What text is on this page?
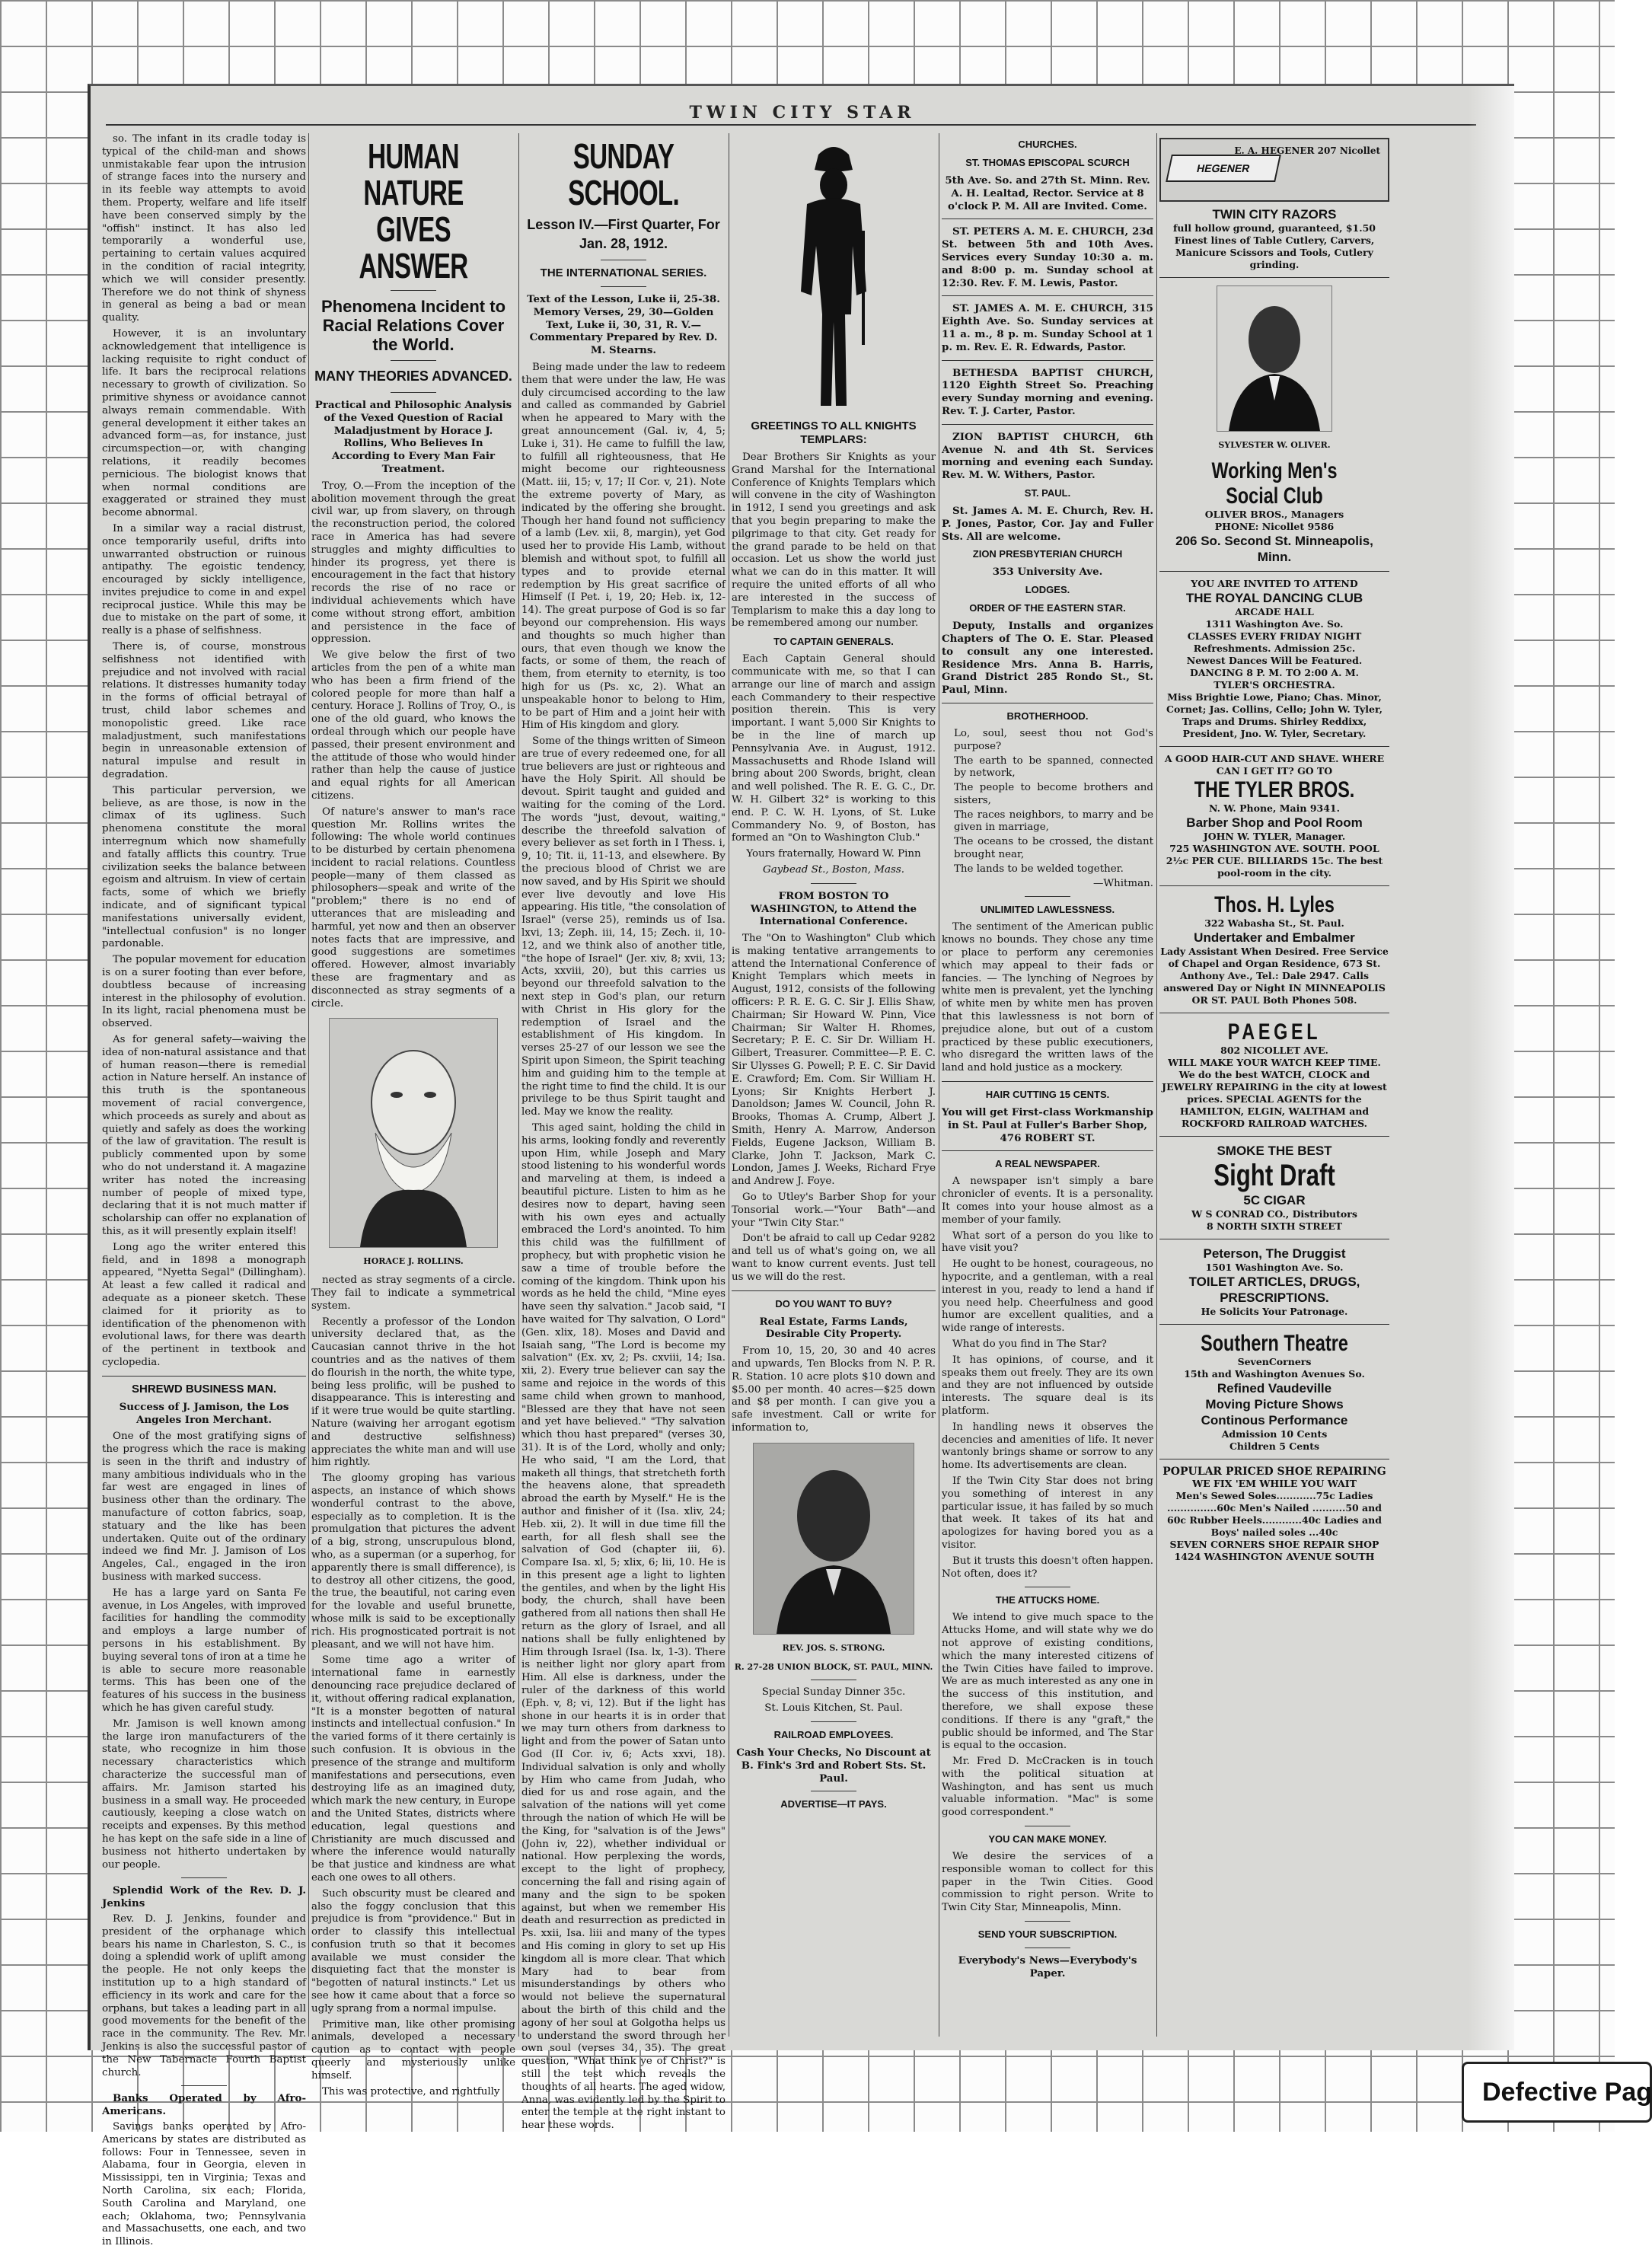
TWIN CITY STAR

so. The infant in its cradle today is typical of the child-man and shows unmistakable fear upon the intrusion of strange faces into the nursery and in its feeble way attempts to avoid them. Property, welfare and life itself have been conserved simply by the "offish" instinct. It has also led temporarily a wonderful use, pertaining to certain values acquired in the condition of racial integrity, which we will consider presently. Therefore we do not think of shyness in general as being a bad or mean quality.

However, it is an involuntary acknowledgement that intelligence is lacking requisite to right conduct of life. It bars the reciprocal relations necessary to growth of civilization. So primitive shyness or avoidance cannot always remain commendable. With general development it either takes an advanced form—as, for instance, just circumspection—or, with changing relations, it readily becomes pernicious. The biologist knows that when normal conditions are exaggerated or strained they must become abnormal.

In a similar way a racial distrust, once temporarily useful, drifts into unwarranted obstruction or ruinous antipathy. The egoistic tendency, encouraged by sickly intelligence, invites prejudice to come in and expel reciprocal justice. While this may be due to mistake on the part of some, it really is a phase of selfishness.

There is, of course, monstrous selfishness not identified with prejudice and not involved with racial relations. It distresses humanity today in the forms of official betrayal of trust, child labor schemes and monopolistic greed. Like race maladjustment, such manifestations begin in unreasonable extension of natural impulse and result in degradation.

This particular perversion, we believe, as are those, is now in the climax of its ugliness. Such phenomena constitute the moral interregnum which now shamefully and fatally afflicts this country. True civilization seeks the balance between egoism and altruism. In view of certain facts, some of which we briefly indicate, and of significant typical manifestations universally evident, "intellectual confusion" is no longer pardonable.

The popular movement for education is on a surer footing than ever before, doubtless because of increasing interest in the philosophy of evolution. In its light, racial phenomena must be observed.

As for general safety—waiving the idea of non-natural assistance and that of human reason—there is remedial action in Nature herself. An instance of this truth is the spontaneous movement of racial convergence, which proceeds as surely and about as quietly and safely as does the working of the law of gravitation. The result is publicly commented upon by some who do not understand it. A magazine writer has noted the increasing number of people of mixed type, declaring that it is not much matter if scholarship can offer no explanation of this, as it will presently explain itself!

Long ago the writer entered this field, and in 1898 a monograph appeared, "Nyetta Segal" (Dillingham). At least a few called it radical and adequate as a pioneer sketch. These claimed for it priority as to identification of the phenomenon with evolutional laws, for there was dearth of the pertinent in textbook and cyclopedia.

SHREWD BUSINESS MAN.
Success of J. Jamison, the Los Angeles Iron Merchant.

One of the most gratifying signs of the progress which the race is making is seen in the thrift and industry of many ambitious individuals who in the far west are engaged in lines of business other than the ordinary. The manufacture of cotton fabrics, soap, statuary and the like has been undertaken. Quite out of the ordinary indeed we find Mr. J. Jamison of Los Angeles, Cal., engaged in the iron business with marked success.

He has a large yard on Santa Fe avenue, in Los Angeles, with improved facilities for handling the commodity and employs a large number of persons in his establishment. By buying several tons of iron at a time he is able to secure more reasonable terms. This has been one of the features of his success in the business which he has given careful study.

Mr. Jamison is well known among the large iron manufacturers of the state, who recognize in him those necessary characteristics which characterize the successful man of affairs. Mr. Jamison started his business in a small way. He proceeded cautiously, keeping a close watch on receipts and expenses. By this method he has kept on the safe side in a line of business not hitherto undertaken by our people.

Splendid Work of the Rev. D. J. Jenkins

Rev. D. J. Jenkins, founder and president of the orphanage which bears his name in Charleston, S. C., is doing a splendid work of uplift among the people. He not only keeps the institution up to a high standard of efficiency in its work and care for the orphans, but takes a leading part in all good movements for the benefit of the race in the community. The Rev. Mr. Jenkins is also the successful pastor of the New Tabernacle Fourth Baptist church.

Banks Operated by Afro-Americans.

Savings banks operated by Afro-Americans by states are distributed as follows: Four in Tennessee, seven in Alabama, four in Georgia, eleven in Mississippi, ten in Virginia; Texas and North Carolina, six each; Florida, South Carolina and Maryland, one each; Oklahoma, two; Pennsylvania and Massachusetts, one each, and two in Illinois.

HUMAN NATURE GIVES ANSWER
Phenomena Incident to Racial Relations Cover the World.
MANY THEORIES ADVANCED.
Practical and Philosophic Analysis of the Vexed Question of Racial Maladjustment by Horace J. Rollins, Who Believes In According to Every Man Fair Treatment.

Troy, O.—From the inception of the abolition movement through the great civil war, up from slavery, on through the reconstruction period, the colored race in America has had severe struggles and mighty difficulties to hinder its progress, yet there is encouragement in the fact that history records the rise of no race or individual achievements which have come without strong effort, ambition and persistence in the face of oppression.

We give below the first of two articles from the pen of a white man who has been a firm friend of the colored people for more than half a century. Horace J. Rollins of Troy, O., is one of the old guard, who knows the ordeal through which our people have passed, their present environment and the attitude of those who would hinder rather than help the cause of justice and equal rights for all American citizens.

Of nature's answer to man's race question Mr. Rollins writes the following: The whole world continues to be disturbed by certain phenomena incident to racial relations. Countless people—many of them classed as philosophers—speak and write of the "problem;" there is no end of utterances that are misleading and harmful, yet now and then an observer notes facts that are impressive, and good suggestions are sometimes offered. However, almost invariably these are fragmentary and as disconnected as stray segments of a circle.

HORACE J. ROLLINS.

nected as stray segments of a circle. They fail to indicate a symmetrical system.

Recently a professor of the London university declared that, as the Caucasian cannot thrive in the hot countries and as the natives of them do flourish in the north, the white type, being less prolific, will be pushed to disappearance. This is interesting and if it were true would be quite startling. Nature (waiving her arrogant egotism and destructive selfishness) appreciates the white man and will use him rightly.

The gloomy groping has various aspects, an instance of which shows wonderful contrast to the above, especially as to completion. It is the promulgation that pictures the advent of a big, strong, unscrupulous blond, who, as a superman (or a superhog, for apparently there is small difference), is to destroy all other citizens, the good, the true, the beautiful, not caring even for the lovable and useful brunette, whose milk is said to be exceptionally rich. His prognosticated portrait is not pleasant, and we will not have him.

Some time ago a writer of international fame in earnestly denouncing race prejudice declared of it, without offering radical explanation, "It is a monster begotten of natural instincts and intellectual confusion." In the varied forms of it there certainly is such confusion. It is obvious in the presence of the strange and multiform manifestations and persecutions, even destroying life as an imagined duty, which mark the new century, in Europe and the United States, districts where education, legal questions and Christianity are much discussed and where the inference would naturally be that justice and kindness are what each one owes to all others.

Such obscurity must be cleared and also the foggy conclusion that this prejudice is from "providence." But in order to classify this intellectual confusion truth so that it becomes available we must consider the disquieting fact that the monster is "begotten of natural instincts." Let us see how it came about that a force so ugly sprang from a normal impulse.

Primitive man, like other promising animals, developed a necessary caution as to contact with people queerly and mysteriously unlike himself.

This was protective, and rightfully

SUNDAY SCHOOL.
Lesson IV.—First Quarter, For Jan. 28, 1912.
THE INTERNATIONAL SERIES.
Text of the Lesson, Luke ii, 25-38. Memory Verses, 29, 30—Golden Text, Luke ii, 30, 31, R. V.—Commentary Prepared by Rev. D. M. Stearns.

Being made under the law to redeem them that were under the law, He was duly circumcised according to the law and called as commanded by Gabriel when he appeared to Mary with the great announcement (Gal. iv, 4, 5; Luke i, 31). He came to fulfill the law, to fulfill all righteousness, that He might become our righteousness (Matt. iii, 15; v, 17; II Cor. v, 21). Note the extreme poverty of Mary, as indicated by the offering she brought. Though her hand found not sufficiency of a lamb (Lev. xii, 8, margin), yet God used her to provide His Lamb, without blemish and without spot, to fulfill all types and to provide eternal redemption by His great sacrifice of Himself (I Pet. i, 19, 20; Heb. ix, 12-14). The great purpose of God is so far beyond our comprehension. His ways and thoughts so much higher than ours, that even though we know the facts, or some of them, the reach of them, from eternity to eternity, is too high for us (Ps. xc, 2). What an unspeakable honor to belong to Him, to be part of Him and a joint heir with Him of His kingdom and glory.

Some of the things written of Simeon are true of every redeemed one, for all true believers are just or righteous and have the Holy Spirit. All should be devout. Spirit taught and guided and waiting for the coming of the Lord. The words "just, devout, waiting," describe the threefold salvation of every believer as set forth in I Thess. i, 9, 10; Tit. ii, 11-13, and elsewhere. By the precious blood of Christ we are now saved, and by His Spirit we should ever live devoutly and love His appearing. His title, "the consolation of Israel" (verse 25), reminds us of Isa. lxvi, 13; Zeph. iii, 14, 15; Zech. ii, 10-12, and we think also of another title, "the hope of Israel" (Jer. xiv, 8; xvii, 13; Acts, xxviii, 20), but this carries us beyond our threefold salvation to the next step in God's plan, our return with Christ in His glory for the redemption of Israel and the establishment of His kingdom. In verses 25-27 of our lesson we see the Spirit upon Simeon, the Spirit teaching him and guiding him to the temple at the right time to find the child. It is our privilege to be thus Spirit taught and led. May we know the reality.

This aged saint, holding the child in his arms, looking fondly and reverently upon Him, while Joseph and Mary stood listening to his wonderful words and marveling at them, is indeed a beautiful picture. Listen to him as he desires now to depart, having seen with his own eyes and actually embraced the Lord's anointed. To him this child was the fulfillment of prophecy, but with prophetic vision he saw a time of trouble before the coming of the kingdom. Think upon his words as he held the child, "Mine eyes have seen thy salvation." Jacob said, "I have waited for Thy salvation, O Lord" (Gen. xlix, 18). Moses and David and Isaiah sang, "The Lord is become my salvation" (Ex. xv, 2; Ps. cxviii, 14; Isa. xii, 2). Every true believer can say the same and rejoice in the words of this same child when grown to manhood, "Blessed are they that have not seen and yet have believed." "Thy salvation which thou hast prepared" (verses 30, 31). It is of the Lord, wholly and only; He who said, "I am the Lord, that maketh all things, that stretcheth forth the heavens alone, that spreadeth abroad the earth by Myself." He is the author and finisher of it (Isa. xliv, 24; Heb. xii, 2). It will in due time fill the earth, for all flesh shall see the salvation of God (chapter iii, 6). Compare Isa. xl, 5; xlix, 6; lii, 10. He is in this present age a light to lighten the gentiles, and when by the light His body, the church, shall have been gathered from all nations then shall He return as the glory of Israel, and all nations shall be fully enlightened by Him through Israel (Isa. lx, 1-3). There is neither light nor glory apart from Him. All else is darkness, under the ruler of the darkness of this world (Eph. v, 8; vi, 12). But if the light has shone in our hearts it is in order that we may turn others from darkness to light and from the power of Satan unto God (II Cor. iv, 6; Acts xxvi, 18). Individual salvation is only and wholly by Him who came from Judah, who died for us and rose again, and the salvation of the nations will yet come through the nation of which He will be the King, for "salvation is of the Jews" (John iv, 22), whether individual or national. How perplexing the words, except to the light of prophecy, concerning the fall and rising again of many and the sign to be spoken against, but when we remember His death and resurrection as predicted in Ps. xxii, Isa. liii and many of the types and His coming in glory to set up His kingdom all is more clear. That which Mary had to bear from misunderstandings by others who would not believe the supernatural about the birth of this child and the agony of her soul at Golgotha helps us to understand the sword through her own soul (verses 34, 35). The great question, "What think ye of Christ?" is still the test which reveals the thoughts of all hearts. The aged widow, Anna, was evidently led by the Spirit to enter the temple at the right instant to hear these words.

GREETINGS TO ALL KNIGHTS TEMPLARS:

Dear Brothers Sir Knights as your Grand Marshal for the International Conference of Knights Templars which will convene in the city of Washington in 1912, I send you greetings and ask that you begin preparing to make the pilgrimage to that city. Get ready for the grand parade to be held on that occasion. Let us show the world just what we can do in this matter. It will require the united efforts of all who are interested in the success of Templarism to make this a day long to be remembered among our number.

TO CAPTAIN GENERALS.

Each Captain General should communicate with me, so that I can arrange our line of march and assign each Commandery to their respective position therein. This is very important. I want 5,000 Sir Knights to be in the line of march up Pennsylvania Ave. in August, 1912. Massachusetts and Rhode Island will bring about 200 Swords, bright, clean and well polished. The R. E. G. C., Dr. W. H. Gilbert 32° is working to this end. P. C. W. H. Lyons, of St. Luke Commandery No. 9, of Boston, has formed an "On to Washington Club."

Yours fraternally, Howard W. Pinn

Gaybead St., Boston, Mass.

FROM BOSTON TO WASHINGTON, to Attend the International Conference.

The "On to Washington" Club which is making tentative arrangements to attend the International Conference of Knight Templars which meets in August, 1912, consists of the following officers: P. R. E. G. C. Sir J. Ellis Shaw, Chairman; Sir Howard W. Pinn, Vice Chairman; Sir Walter H. Rhomes, Secretary; P. E. C. Sir Dr. William H. Gilbert, Treasurer. Committee—P. E. C. Sir Ulysses G. Powell; P. E. C. Sir David E. Crawford; Em. Com. Sir William H. Lyons; Sir Knights Herbert J. Danoldson; James W. Council, John R. Brooks, Thomas A. Crump, Albert J. Smith, Henry A. Marrow, Anderson Fields, Eugene Jackson, William B. Clarke, John T. Jackson, Mark C. London, James J. Weeks, Richard Frye and Andrew J. Foye.

Go to Utley's Barber Shop for your Tonsorial work.—"Your Bath"—and your "Twin City Star."

Don't be afraid to call up Cedar 9282 and tell us of what's going on, we all want to know current events. Just tell us we will do the rest.

DO YOU WANT TO BUY?
Real Estate, Farms Lands, Desirable City Property.

From 10, 15, 20, 30 and 40 acres and upwards, Ten Blocks from N. P. R. R. Station. 10 acre plots $10 down and $5.00 per month. 40 acres—$25 down and $8 per month. I can give you a safe investment. Call or write for information to,

REV. JOS. S. STRONG.
R. 27-28 UNION BLOCK, ST. PAUL, MINN.

Special Sunday Dinner 35c.

St. Louis Kitchen, St. Paul.

RAILROAD EMPLOYEES.

Cash Your Checks, No Discount at B. Fink's 3rd and Robert Sts. St. Paul.

ADVERTISE—IT PAYS.
CHURCHES.
ST. THOMAS EPISCOPAL SCURCH

5th Ave. So. and 27th St. Minn. Rev. A. H. Lealtad, Rector. Service at 8 o'clock P. M. All are Invited. Come.

ST. PETERS A. M. E. CHURCH, 23d St. between 5th and 10th Aves. Services every Sunday 10:30 a. m. and 8:00 p. m. Sunday school at 12:30. Rev. F. M. Lewis, Pastor.

ST. JAMES A. M. E. CHURCH, 315 Eighth Ave. So. Sunday services at 11 a. m., 8 p. m. Sunday School at 1 p. m. Rev. E. R. Edwards, Pastor.

BETHESDA BAPTIST CHURCH, 1120 Eighth Street So. Preaching every Sunday morning and evening. Rev. T. J. Carter, Pastor.

ZION BAPTIST CHURCH, 6th Avenue N. and 4th St. Services morning and evening each Sunday. Rev. M. W. Withers, Pastor.

ST. PAUL.

St. James A. M. E. Church, Rev. H. P. Jones, Pastor, Cor. Jay and Fuller Sts. All are welcome.

ZION PRESBYTERIAN CHURCH

353 University Ave.

LODGES.
ORDER OF THE EASTERN STAR.

Deputy, Installs and organizes Chapters of The O. E. Star. Pleased to consult any one interested. Residence Mrs. Anna B. Harris, Grand District 285 Rondo St., St. Paul, Minn.

BROTHERHOOD.

Lo, soul, seest thou not God's purpose?

The earth to be spanned, connected by network,

The people to become brothers and sisters,

The races neighbors, to marry and be given in marriage,

The oceans to be crossed, the distant brought near,

The lands to be welded together.

—Whitman.

UNLIMITED LAWLESSNESS.

The sentiment of the American public knows no bounds. They chose any time or place to perform any ceremonies which may appeal to their fads or fancies. — The lynching of Negroes by white men is prevalent, yet the lynching of white men by white men has proven that this lawlessness is not born of prejudice alone, but out of a custom practiced by these public executioners, who disregard the written laws of the land and hold justice as a mockery.

HAIR CUTTING 15 CENTS.

You will get First-class Workmanship in St. Paul at Fuller's Barber Shop, 476 ROBERT ST.

A REAL NEWSPAPER.

A newspaper isn't simply a bare chronicler of events. It is a personality. It comes into your house almost as a member of your family.

What sort of a person do you like to have visit you?

He ought to be honest, courageous, no hypocrite, and a gentleman, with a real interest in you, ready to lend a hand if you need help. Cheerfulness and good humor are excellent qualities, and a wide range of interests.

What do you find in The Star?

It has opinions, of course, and it speaks them out freely. They are its own and they are not influenced by outside interests. The square deal is its platform.

In handling news it observes the decencies and amenities of life. It never wantonly brings shame or sorrow to any home. Its advertisements are clean.

If the Twin City Star does not bring you something of interest in any particular issue, it has failed by so much that week. It takes of its hat and apologizes for having bored you as a visitor.

But it trusts this doesn't often happen. Not often, does it?

THE ATTUCKS HOME.

We intend to give much space to the Attucks Home, and will state why we do not approve of existing conditions, which the many interested citizens of the Twin Cities have failed to improve. We are as much interested as any one in the success of this institution, and therefore, we shall expose these conditions. If there is any "graft," the public should be informed, and The Star is equal to the occasion.

Mr. Fred D. McCracken is in touch with the political situation at Washington, and has sent us much valuable information. "Mac" is some good correspondent."

YOU CAN MAKE MONEY.

We desire the services of a responsible woman to collect for this paper in the Twin Cities. Good commission to right person. Write to Twin City Star, Minneapolis, Minn.

SEND YOUR SUBSCRIPTION.

Everybody's News—Everybody's Paper.

HEGENER
E. A. HEGENER 207 Nicollet
TWIN CITY RAZORS
full hollow ground, guaranteed, $1.50 Finest lines of Table Cutlery, Carvers, Manicure Scissors and Tools, Cutlery grinding.
SYLVESTER W. OLIVER.
Working Men's Social Club
OLIVER BROS., Managers
PHONE: Nicollet 9586
206 So. Second St. Minneapolis, Minn.
YOU ARE INVITED TO ATTEND
THE ROYAL DANCING CLUB
ARCADE HALL
1311 Washington Ave. So.
CLASSES EVERY FRIDAY NIGHT
Refreshments. Admission 25c.
Newest Dances Will be Featured.
DANCING 8 P. M. TO 2:00 A. M.
TYLER'S ORCHESTRA.
Miss Brightie Lowe, Piano; Chas. Minor, Cornet; Jas. Collins, Cello; John W. Tyler, Traps and Drums. Shirley Reddixx, President, Jno. W. Tyler, Secretary.
A GOOD HAIR-CUT AND SHAVE. WHERE CAN I GET IT? GO TO
THE TYLER BROS.
N. W. Phone, Main 9341.
Barber Shop and Pool Room
JOHN W. TYLER, Manager.
725 WASHINGTON AVE. SOUTH. POOL 2½c PER CUE. BILLIARDS 15c. The best pool-room in the city.
Thos. H. Lyles
322 Wabasha St., St. Paul.
Undertaker and Embalmer
Lady Assistant When Desired. Free Service of Chapel and Organ Residence, 673 St. Anthony Ave., Tel.: Dale 2947. Calls answered Day or Night IN MINNEAPOLIS OR ST. PAUL Both Phones 508.
PAEGEL
802 NICOLLET AVE.
WILL MAKE YOUR WATCH KEEP TIME.
We do the best WATCH, CLOCK and JEWELRY REPAIRING in the city at lowest prices. SPECIAL AGENTS for the HAMILTON, ELGIN, WALTHAM and ROCKFORD RAILROAD WATCHES.
SMOKE THE BEST
Sight Draft
5C CIGAR
W S CONRAD CO., Distributors
8 NORTH SIXTH STREET
Peterson, The Druggist
1501 Washington Ave. So.
TOILET ARTICLES, DRUGS, PRESCRIPTIONS.
He Solicits Your Patronage.
Southern Theatre
SevenCorners
15th and Washington Avenues So.
Refined Vaudeville
Moving Picture Shows
Continous Performance
Admission 10 Cents
Children 5 Cents
POPULAR PRICED SHOE REPAIRING
WE FIX 'EM WHILE YOU WAIT
Men's Sewed Soles............75c Ladies ...............60c Men's Nailed ..........50 and 60c Rubber Heels............40c Ladies and Boys' nailed soles ...40c
SEVEN CORNERS SHOE REPAIR SHOP
1424 WASHINGTON AVENUE SOUTH
Defective Pag
